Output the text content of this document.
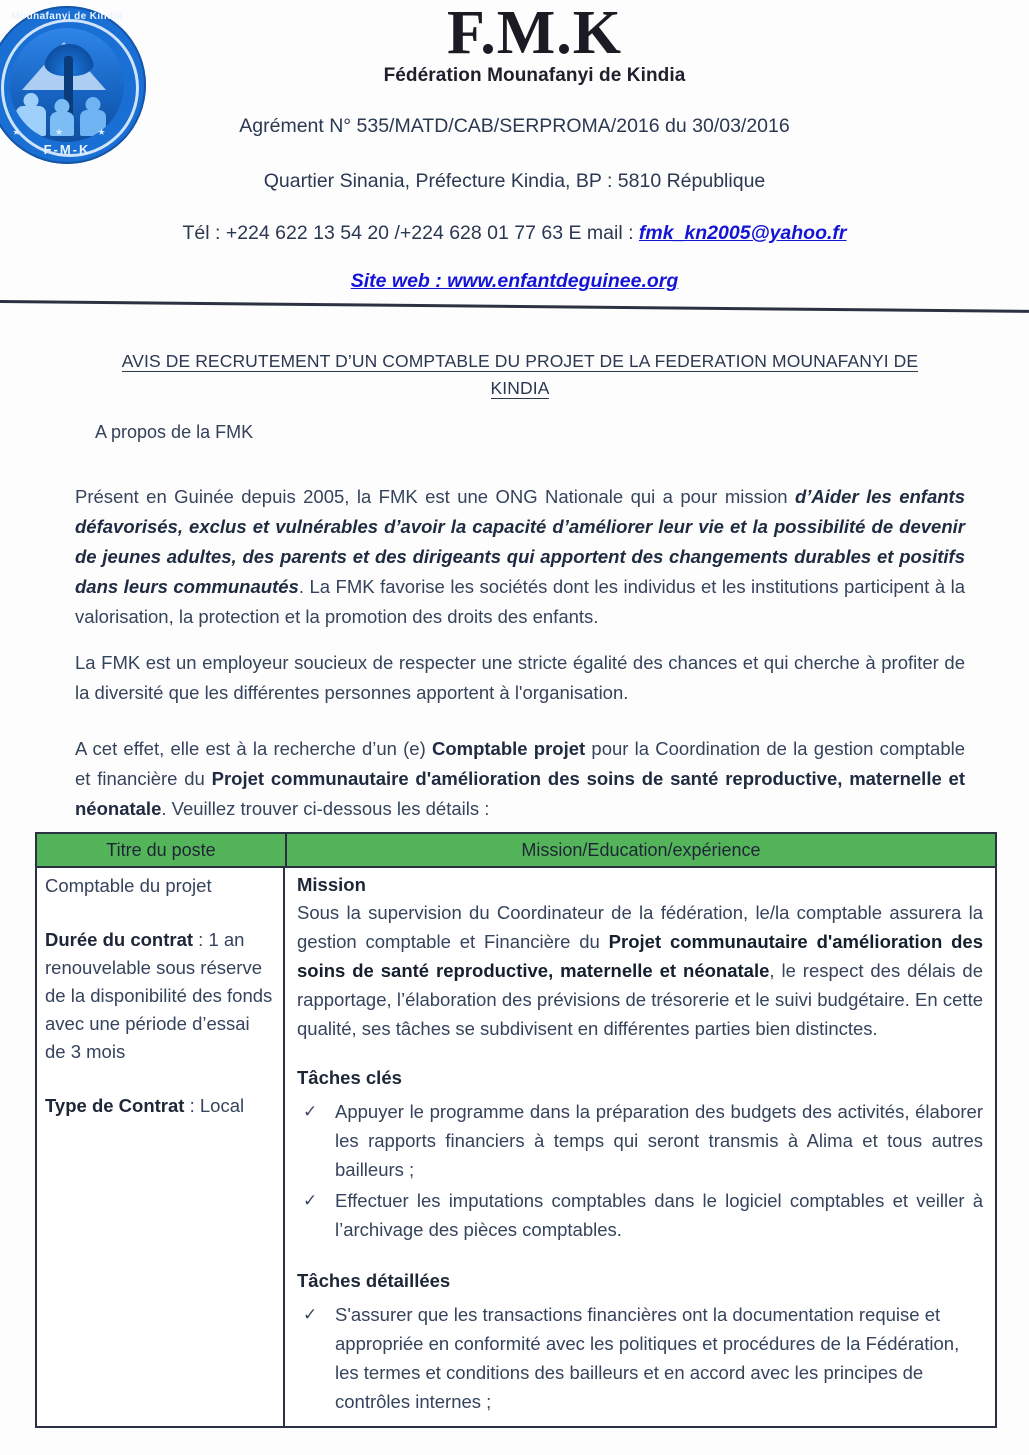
Mounafanyi de Kindia
★ ★ ★
F-M-K
F.M.K
Fédération Mounafanyi de Kindia
Agrément N° 535/MATD/CAB/SERPROMA/2016 du 30/03/2016
Quartier Sinania, Préfecture Kindia, BP : 5810 République
Tél : +224 622 13 54 20 /+224 628 01 77 63 E mail : fmk_kn2005@yahoo.fr
Site web : www.enfantdeguinee.org
AVIS DE RECRUTEMENT D’UN COMPTABLE DU PROJET DE LA FEDERATION MOUNAFANYI DE KINDIA
A propos de la FMK
Présent en Guinée depuis 2005, la FMK est une ONG Nationale qui a pour mission d’Aider les enfants défavorisés, exclus et vulnérables d’avoir la capacité d’améliorer leur vie et la possibilité de devenir de jeunes adultes, des parents et des dirigeants qui apportent des changements durables et positifs dans leurs communautés. La FMK favorise les sociétés dont les individus et les institutions participent à la valorisation, la protection et la promotion des droits des enfants.
La FMK est un employeur soucieux de respecter une stricte égalité des chances et qui cherche à profiter de la diversité que les différentes personnes apportent à l'organisation.
A cet effet, elle est à la recherche d’un (e) Comptable projet pour la Coordination de la gestion comptable et financière du Projet communautaire d'amélioration des soins de santé reproductive, maternelle et néonatale. Veuillez trouver ci-dessous les détails :
Titre du poste	Mission/Education/expérience
Comptable du projet
Durée du contrat : 1 an renouvelable sous réserve de la disponibilité des fonds avec une période d’essai de 3 mois
Type de Contrat : Local
Mission
Sous la supervision du Coordinateur de la fédération, le/la comptable assurera la gestion comptable et Financière du Projet communautaire d'amélioration des soins de santé reproductive, maternelle et néonatale, le respect des délais de rapportage, l’élaboration des prévisions de trésorerie et le suivi budgétaire. En cette qualité, ses tâches se subdivisent en différentes parties bien distinctes.
Tâches clés
✓ Appuyer le programme dans la préparation des budgets des activités, élaborer les rapports financiers à temps qui seront transmis à Alima et tous autres bailleurs ;
✓ Effectuer les imputations comptables dans le logiciel comptables et veiller à l’archivage des pièces comptables.
Tâches détaillées
✓ S'assurer que les transactions financières ont la documentation requise et appropriée en conformité avec les politiques et procédures de la Fédération, les termes et conditions des bailleurs et en accord avec les principes de contrôles internes ;
